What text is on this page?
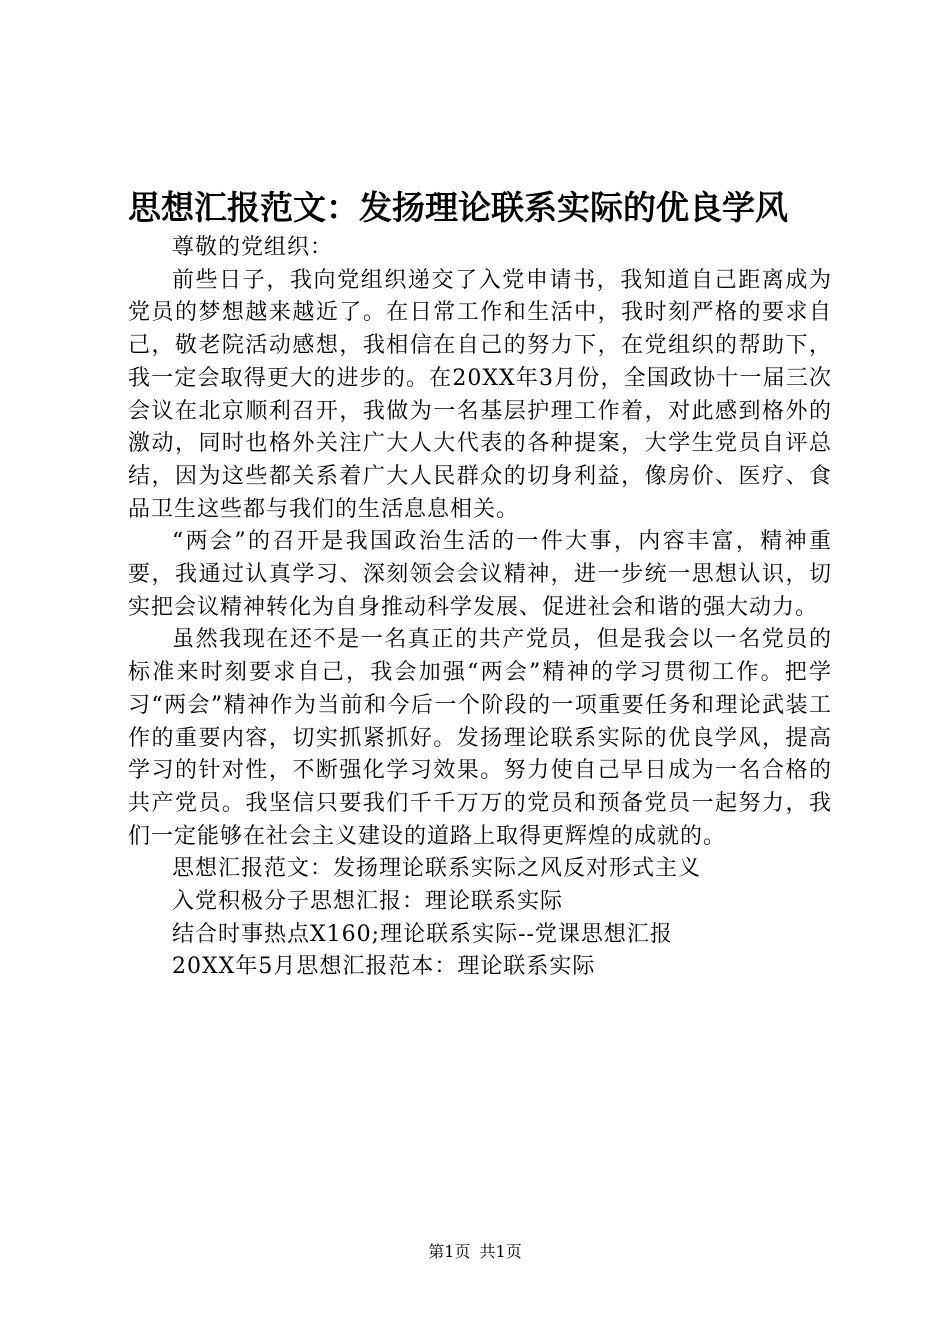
思想汇报范文：发扬理论联系实际的优良学风

尊敬的党组织：

前些日子，我向党组织递交了入党申请书，我知道自己距离成为党员的梦想越来越近了。在日常工作和生活中，我时刻严格的要求自己，敬老院活动感想，我相信在自己的努力下，在党组织的帮助下，我一定会取得更大的进步的。在20XX年3月份，全国政协十一届三次会议在北京顺利召开，我做为一名基层护理工作着，对此感到格外的激动，同时也格外关注广大人大代表的各种提案，大学生党员自评总结，因为这些都关系着广大人民群众的切身利益，像房价、医疗、食品卫生这些都与我们的生活息息相关。

“两会”的召开是我国政治生活的一件大事，内容丰富，精神重要，我通过认真学习、深刻领会会议精神，进一步统一思想认识，切实把会议精神转化为自身推动科学发展、促进社会和谐的强大动力。

虽然我现在还不是一名真正的共产党员，但是我会以一名党员的标准来时刻要求自己，我会加强“两会”精神的学习贯彻工作。把学习“两会”精神作为当前和今后一个阶段的一项重要任务和理论武装工作的重要内容，切实抓紧抓好。发扬理论联系实际的优良学风，提高学习的针对性，不断强化学习效果。努力使自己早日成为一名合格的共产党员。我坚信只要我们千千万万的党员和预备党员一起努力，我们一定能够在社会主义建设的道路上取得更辉煌的成就的。

思想汇报范文：发扬理论联系实际之风反对形式主义

入党积极分子思想汇报：理论联系实际

结合时事热点X160;理论联系实际--党课思想汇报

20XX年5月思想汇报范本：理论联系实际

第1页 共1页
